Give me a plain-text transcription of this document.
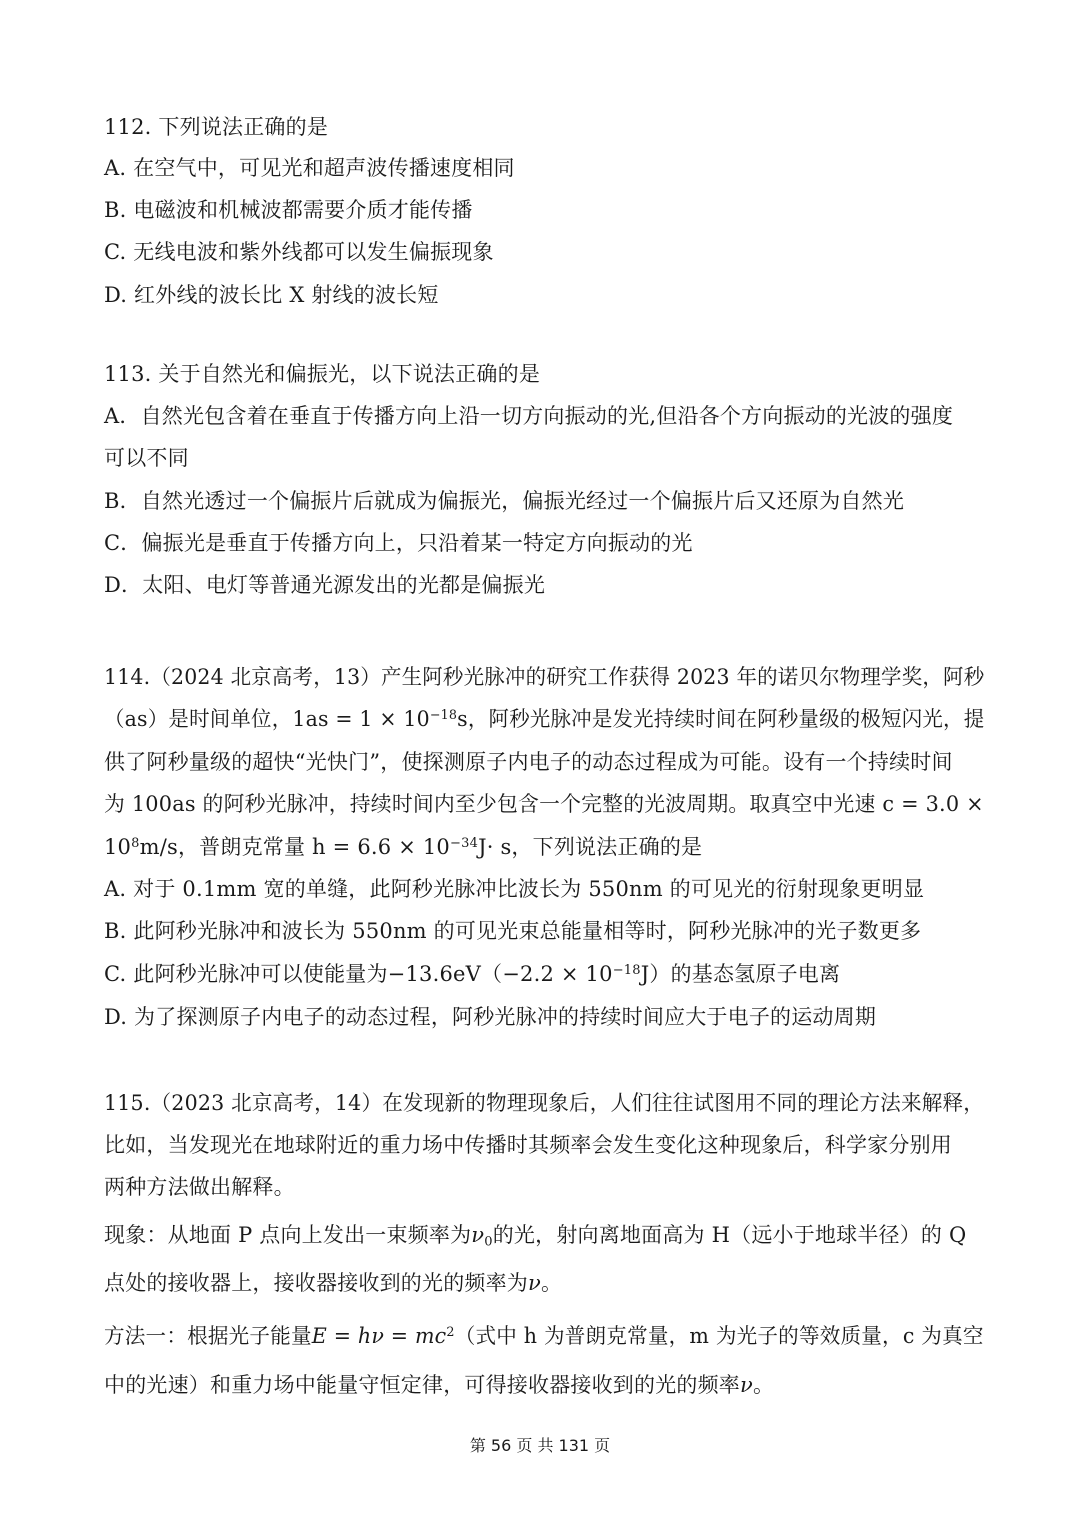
112. 下列说法正确的是
A. 在空气中，可见光和超声波传播速度相同
B. 电磁波和机械波都需要介质才能传播
C. 无线电波和紫外线都可以发生偏振现象
D. 红外线的波长比 X 射线的波长短
113. 关于自然光和偏振光，以下说法正确的是
A．自然光包含着在垂直于传播方向上沿一切方向振动的光,但沿各个方向振动的光波的强度
可以不同
B．自然光透过一个偏振片后就成为偏振光，偏振光经过一个偏振片后又还原为自然光
C．偏振光是垂直于传播方向上，只沿着某一特定方向振动的光
D．太阳、电灯等普通光源发出的光都是偏振光
114.（2024 北京高考，13）产生阿秒光脉冲的研究工作获得 2023 年的诺贝尔物理学奖，阿秒
（as）是时间单位，$1as = 1 \times 10^{-18}s$，阿秒光脉冲是发光持续时间在阿秒量级的极短闪光，提
供了阿秒量级的超快“光快门”，使探测原子内电子的动态过程成为可能。设有一个持续时间
为 100as 的阿秒光脉冲，持续时间内至少包含一个完整的光波周期。取真空中光速 c = 3.0 ×
$10^8m/s$，普朗克常量 $h = 6.6 \times 10^{-34}J\cdot s$，下列说法正确的是
A. 对于 0.1mm 宽的单缝，此阿秒光脉冲比波长为 550nm 的可见光的衍射现象更明显
B. 此阿秒光脉冲和波长为 550nm 的可见光束总能量相等时，阿秒光脉冲的光子数更多
C. 此阿秒光脉冲可以使能量为$-13.6eV(-2.2 \times 10^{-18}J)$的基态氢原子电离
D. 为了探测原子内电子的动态过程，阿秒光脉冲的持续时间应大于电子的运动周期
115.（2023 北京高考，14）在发现新的物理现象后，人们往往试图用不同的理论方法来解释，
比如，当发现光在地球附近的重力场中传播时其频率会发生变化这种现象后，科学家分别用
两种方法做出解释。
现象：从地面 P 点向上发出一束频率为$\nu_0$的光，射向离地面高为 H（远小于地球半径）的 Q
点处的接收器上，接收器接收到的光的频率为ν。
方法一：根据光子能量$E = h\nu = mc^2$（式中 h 为普朗克常量，m 为光子的等效质量，c 为真空
中的光速）和重力场中能量守恒定律，可得接收器接收到的光的频率ν。
第 56 页 共 131 页
